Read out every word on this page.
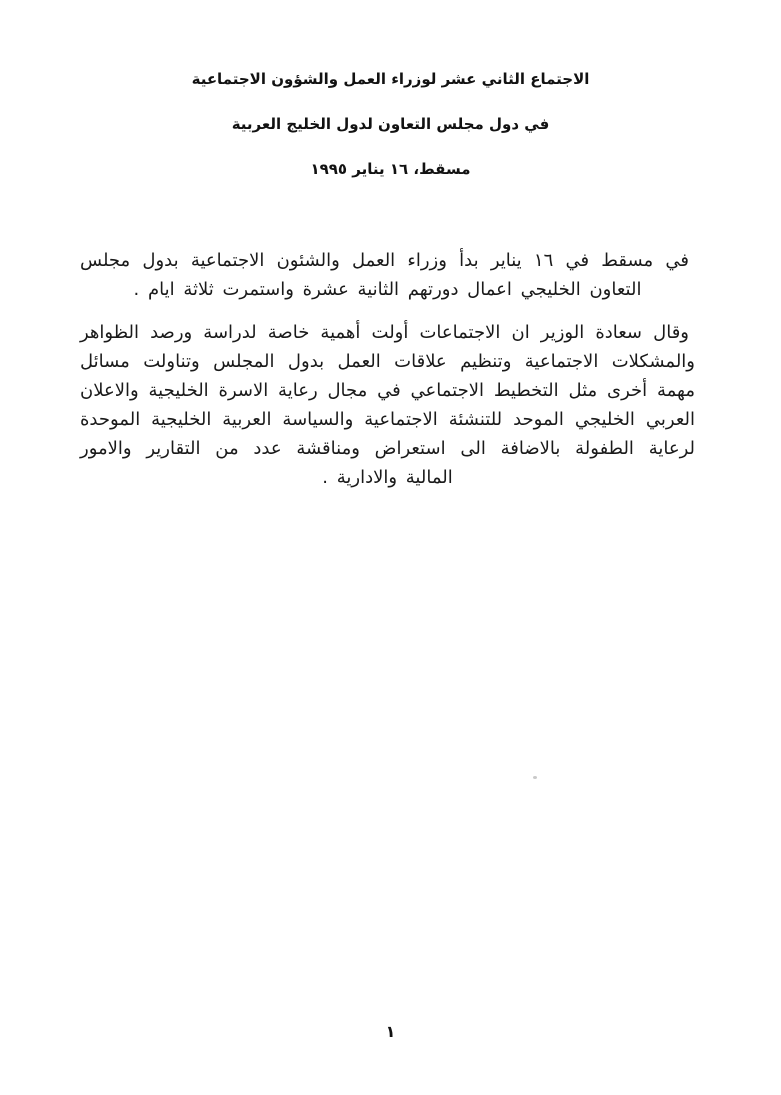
الاجتماع الثاني عشر لوزراء العمل والشؤون الاجتماعية
في دول مجلس التعاون لدول الخليج العربية
مسقط، ١٦ يناير ١٩٩٥

في مسقط في ١٦ يناير بدأ وزراء العمل والشئون الاجتماعية بدول مجلس التعاون الخليجي اعمال دورتهم الثانية عشرة واستمرت ثلاثة ايام .

وقال سعادة الوزير ان الاجتماعات أولت أهمية خاصة لدراسة ورصد الظواهر والمشكلات الاجتماعية وتنظيم علاقات العمل بدول المجلس وتناولت مسائل مهمة أخرى مثل التخطيط الاجتماعي في مجال رعاية الاسرة الخليجية والاعلان العربي الخليجي الموحد للتنشئة الاجتماعية والسياسة العربية الخليجية الموحدة لرعاية الطفولة بالاضافة الى استعراض ومناقشة عدد من التقارير والامور المالية والادارية .

١
